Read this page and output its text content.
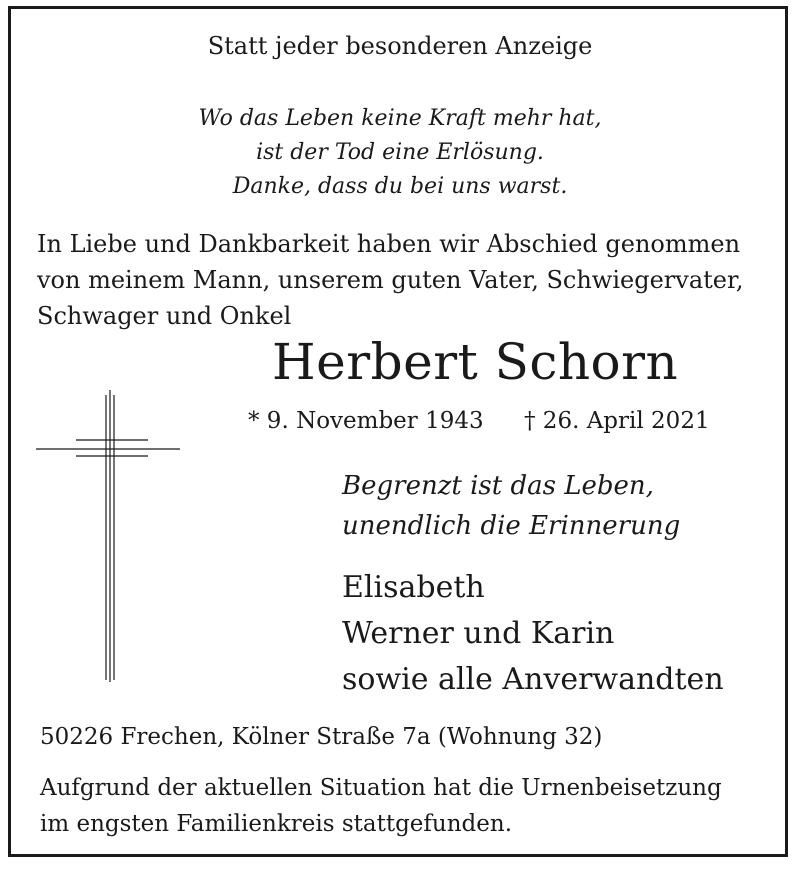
Statt jeder besonderen Anzeige

Wo das Leben keine Kraft mehr hat,
ist der Tod eine Erlösung.
Danke, dass du bei uns warst.
In Liebe und Dankbarkeit haben wir Abschied genommen
von meinem Mann, unserem guten Vater, Schwiegervater,
Schwager und Onkel

Herbert Schorn

* 9. November 1943 † 26. April 2021
Begrenzt ist das Leben,
unendlich die Erinnerung
Elisabeth
Werner und Karin
sowie alle Anverwandten

50226 Frechen, Kölner Straße 7a (Wohnung 32)

Aufgrund der aktuellen Situation hat die Urnenbeisetzung
im engsten Familienkreis stattgefunden.
